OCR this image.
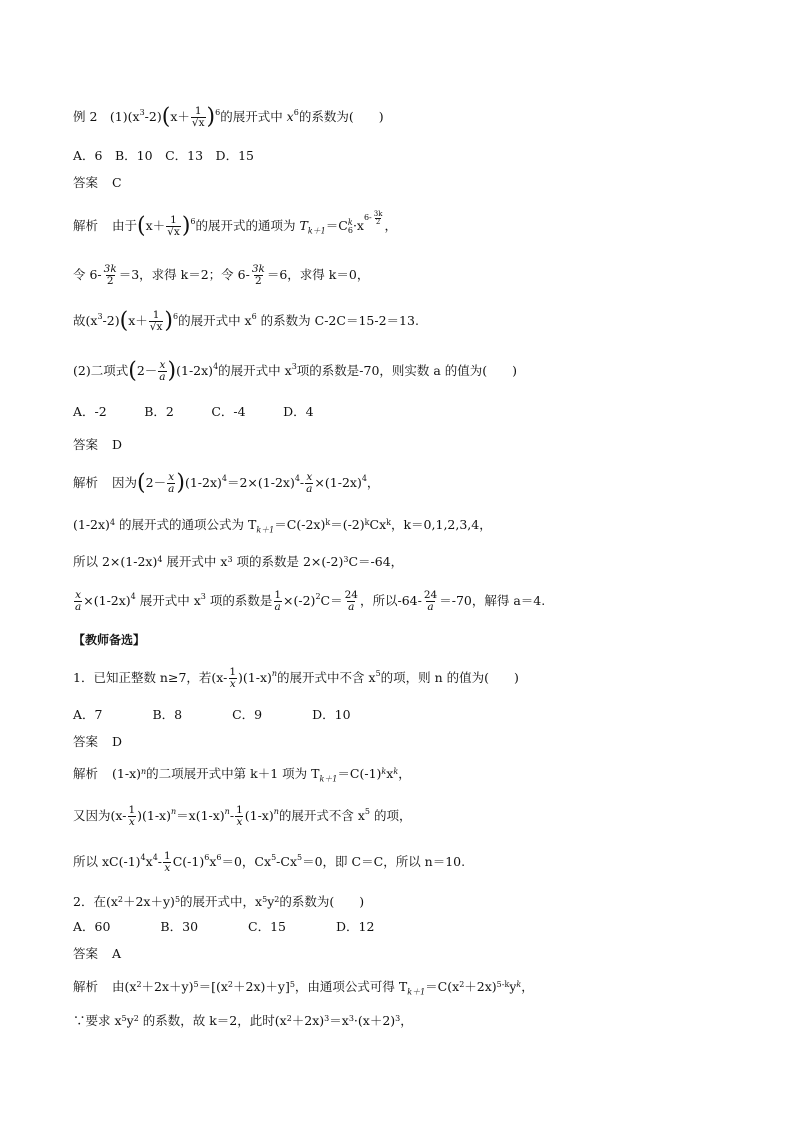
例 2　$(1)(x^3-2)(x+ \frac{1}{√x} )^6$的展开式中 $x^6$的系数为(　　)
A．6　B．10　C．13　D．15
答案 C
解析 由于$(x+ \frac{1}{√x} )^6$的展开式的通项为 $T_{k+1}=C$ k
$6 \cdot x^{6- \frac{3k}{2}}$ ，
令 $6- \frac{3k}{2} =3$，求得 k＝2；令 $6- \frac{3k}{2} =6$，求得 k＝0，
故$(x^3-2)(x+ \frac{1}{√x} )^6$的展开式中 $x^6$ 的系数为 C-2C＝15-2＝13.
(2)二项式$(2- \frac{x}{a} )(1-2x)^4$的展开式中 $x^3$项的系数是-70，则实数 a 的值为(　　)
A．-2　　　B．2　　　C．-4　　　D．4
答案 D
解析 因为$(2- \frac{x}{a} )(1-2x)^4=2\times(1-2x)^4- \frac{x}{a} \times(1-2x)^4$，
$(1-2x)^4$ 的展开式的通项公式为 $T_{k+1}=C(-2x)^k=(-2)^kCx^k$，k＝0,1,2,3,4，
所以 $2\times(1-2x)^4$ 展开式中 $x^3$ 项的系数是 $2\times(-2)^3C=-64$，
$\frac{x}{a} \times(1-2x)^4$ 展开式中 $x^3$ 项的系数是 $\frac{1}{a} \times(-2)^2C= \frac{24}{a}$ ，所以$-64- \frac{24}{a} =-70$，解得 a＝4.
【教师备选】
1．已知正整数 n≥7，若$(x- \frac{1}{x} )(1-x)^n$的展开式中不含 $x^5$的项，则 n 的值为(　　)
A．7　　　　B．8　　　　C．9　　　　D．10
答案 D
解析 $(1-x)^n$的二项展开式中第 k＋1 项为 $T_{k+1}=C(-1)^kx^k$，
又因为$(x- \frac{1}{x} )(1-x)^n=x(1-x)^n- \frac{1}{x} (1-x)^n$的展开式不含 $x^5$ 的项，
所以 $xC(-1)^4x^4- \frac{1}{x} C(-1)^6x^6=0$，$Cx^5-Cx^5=0$，即 C＝C，所以 n＝10.
2．在$(x^2+2x+y)^5$的展开式中，$x^5y^2$的系数为(　　)
A．60　　　　B．30　　　　C．15　　　　D．12
答案 A
解析 由$(x^2+2x+y)^5=[(x^2+2x)+y]^5$，由通项公式可得 $T_{k+1}=C(x^2+2x)^{5-k}y^k$，
∵要求 $x^5y^2$ 的系数，故 k＝2，此时$(x^2+2x)^3=x^3\cdot(x+2)^3$，
